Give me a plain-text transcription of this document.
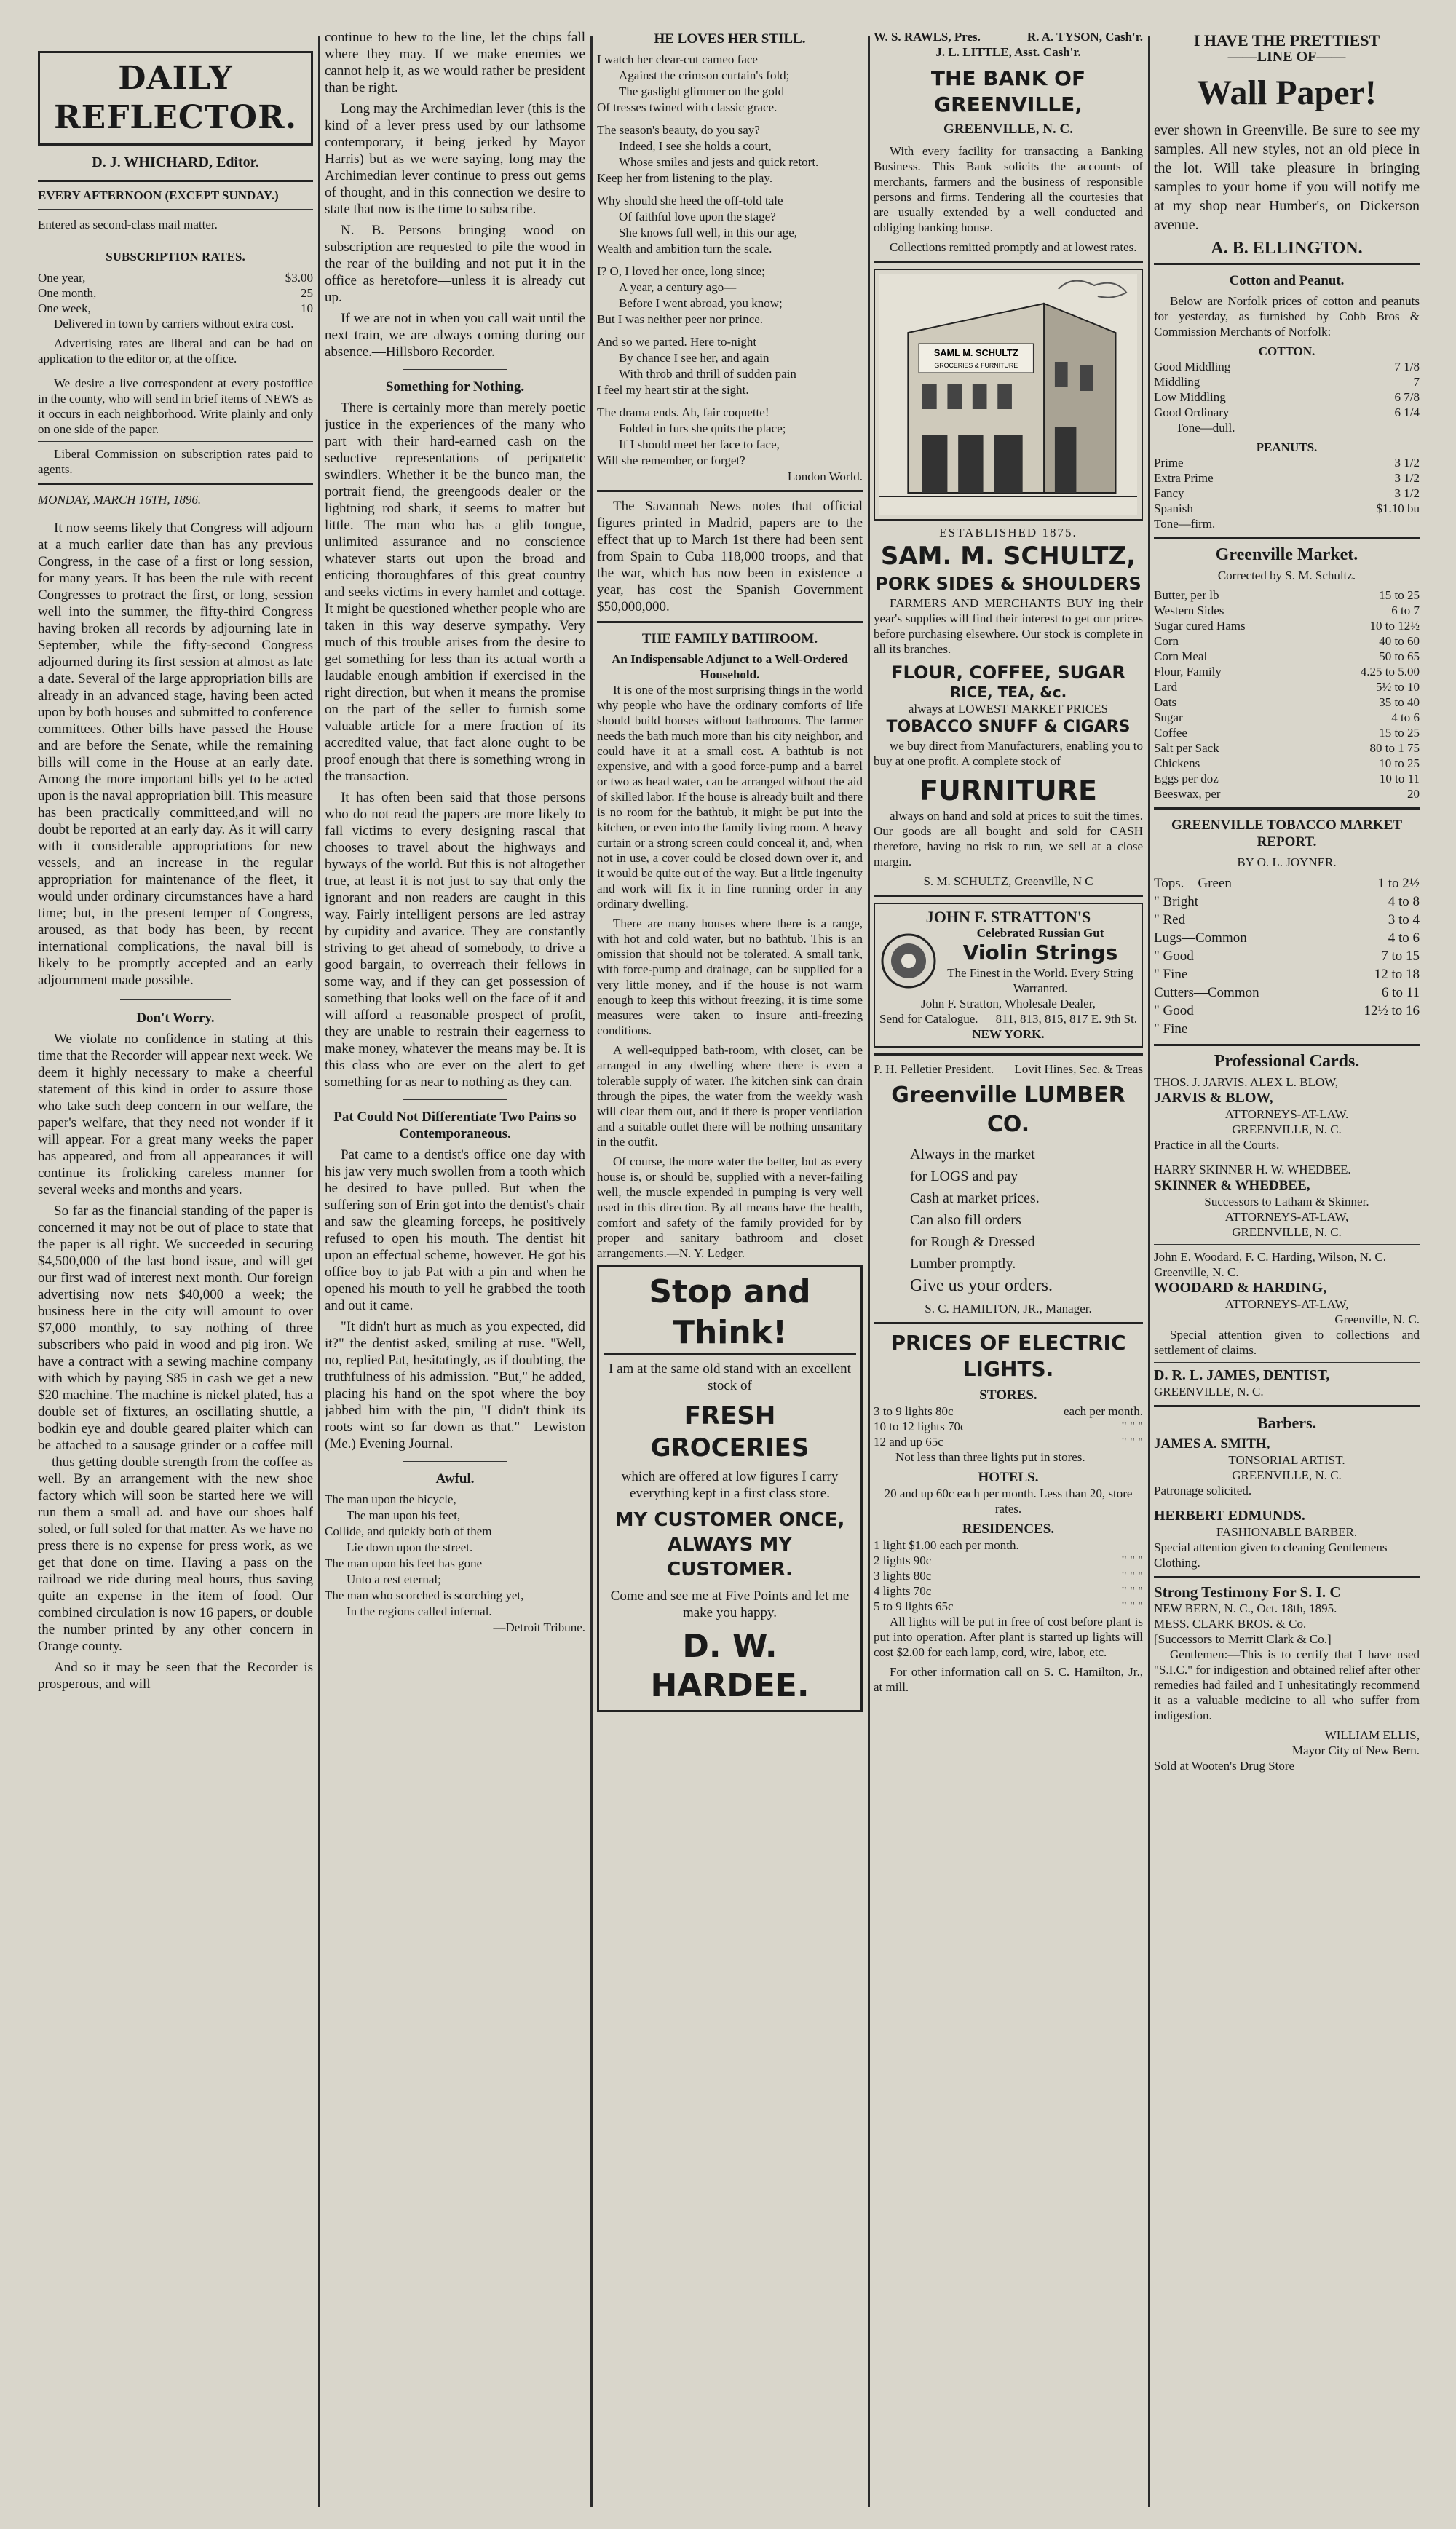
DAILY REFLECTOR.
D. J. WHICHARD, Editor.
EVERY AFTERNOON (EXCEPT SUNDAY.)
Entered as second-class mail matter.
SUBSCRIPTION RATES.
One year,	$3.00
One month,	25
One week,	10

Delivered in town by carriers without extra cost.

Advertising rates are liberal and can be had on application to the editor or, at the office.

We desire a live correspondent at every postoffice in the county, who will send in brief items of NEWS as it occurs in each neighborhood. Write plainly and only on one side of the paper.

Liberal Commission on subscription rates paid to agents.

MONDAY, MARCH 16TH, 1896.

It now seems likely that Congress will adjourn at a much earlier date than has any previous Congress, in the case of a first or long session, for many years. It has been the rule with recent Congresses to protract the first, or long, session well into the summer, the fifty-third Congress having broken all records by adjourning late in September, while the fifty-second Congress adjourned during its first session at almost as late a date. Several of the large appropriation bills are already in an advanced stage, having been acted upon by both houses and submitted to conference committees. Other bills have passed the House and are before the Senate, while the remaining bills will come in the House at an early date. Among the more important bills yet to be acted upon is the naval appropriation bill. This measure has been practically committeed,and will no doubt be reported at an early day. As it will carry with it considerable appropriations for new vessels, and an increase in the regular appropriation for maintenance of the fleet, it would under ordinary circumstances have a hard time; but, in the present temper of Congress, aroused, as that body has been, by recent international complications, the naval bill is likely to be promptly accepted and an early adjournment made possible.

Don't Worry.

We violate no confidence in stating at this time that the Recorder will appear next week. We deem it highly necessary to make a cheerful statement of this kind in order to assure those who take such deep concern in our welfare, the paper's welfare, that they need not wonder if it will appear. For a great many weeks the paper has appeared, and from all appearances it will continue its frolicking careless manner for several weeks and months and years.

So far as the financial standing of the paper is concerned it may not be out of place to state that the paper is all right. We succeeded in securing $4,500,000 of the last bond issue, and will get our first wad of interest next month. Our foreign advertising now nets $40,000 a week; the business here in the city will amount to over $7,000 monthly, to say nothing of three subscribers who paid in wood and pig iron. We have a contract with a sewing machine company with which by paying $85 in cash we get a new $20 machine. The machine is nickel plated, has a double set of fixtures, an oscillating shuttle, a bodkin eye and double geared plaiter which can be attached to a sausage grinder or a coffee mill—thus getting double strength from the coffee as well. By an arrangement with the new shoe factory which will soon be started here we will run them a small ad. and have our shoes half soled, or full soled for that matter. As we have no press there is no expense for press work, as we get that done on time. Having a pass on the railroad we ride during meal hours, thus saving quite an expense in the item of food. Our combined circulation is now 16 papers, or double the number printed by any other concern in Orange county.

And so it may be seen that the Recorder is prosperous, and will

continue to hew to the line, let the chips fall where they may. If we make enemies we cannot help it, as we would rather be president than be right.

Long may the Archimedian lever (this is the kind of a lever press used by our lathsome contemporary, it being jerked by Mayor Harris) but as we were saying, long may the Archimedian lever continue to press out gems of thought, and in this connection we desire to state that now is the time to subscribe.

N. B.—Persons bringing wood on subscription are requested to pile the wood in the rear of the building and not put it in the office as heretofore—unless it is already cut up.

If we are not in when you call wait until the next train, we are always coming during our absence.—Hillsboro Recorder.

Something for Nothing.

There is certainly more than merely poetic justice in the experiences of the many who part with their hard-earned cash on the seductive representations of peripatetic swindlers. Whether it be the bunco man, the portrait fiend, the greengoods dealer or the lightning rod shark, it seems to matter but little. The man who has a glib tongue, unlimited assurance and no conscience whatever starts out upon the broad and enticing thoroughfares of this great country and seeks victims in every hamlet and cottage. It might be questioned whether people who are taken in this way deserve sympathy. Very much of this trouble arises from the desire to get something for less than its actual worth a laudable enough ambition if exercised in the right direction, but when it means the promise on the part of the seller to furnish some valuable article for a mere fraction of its accredited value, that fact alone ought to be proof enough that there is something wrong in the transaction.

It has often been said that those persons who do not read the papers are more likely to fall victims to every designing rascal that chooses to travel about the highways and byways of the world. But this is not altogether true, at least it is not just to say that only the ignorant and non readers are caught in this way. Fairly intelligent persons are led astray by cupidity and avarice. They are constantly striving to get ahead of somebody, to drive a good bargain, to overreach their fellows in some way, and if they can get possession of something that looks well on the face of it and will afford a reasonable prospect of profit, they are unable to restrain their eagerness to make money, whatever the means may be. It is this class who are ever on the alert to get something for as near to nothing as they can.

Pat Could Not Differentiate Two Pains so Contemporaneous.

Pat came to a dentist's office one day with his jaw very much swollen from a tooth which he desired to have pulled. But when the suffering son of Erin got into the dentist's chair and saw the gleaming forceps, he positively refused to open his mouth. The dentist hit upon an effectual scheme, however. He got his office boy to jab Pat with a pin and when he opened his mouth to yell he grabbed the tooth and out it came.

"It didn't hurt as much as you expected, did it?" the dentist asked, smiling at ruse. "Well, no, replied Pat, hesitatingly, as if doubting, the truthfulness of his admission. "But," he added, placing his hand on the spot where the boy jabbed him with the pin, "I didn't think its roots wint so far down as that."—Lewiston (Me.) Evening Journal.

Awful.
The man upon the bicycle,
The man upon his feet,
Collide, and quickly both of them
Lie down upon the street.
The man upon his feet has gone
Unto a rest eternal;
The man who scorched is scorching yet,
In the regions called infernal.
—Detroit Tribune.
HE LOVES HER STILL.
I watch her clear-cut cameo face
Against the crimson curtain's fold;
The gaslight glimmer on the gold
Of tresses twined with classic grace.
The season's beauty, do you say?
Indeed, I see she holds a court,
Whose smiles and jests and quick retort.
Keep her from listening to the play.
Why should she heed the off-told tale
Of faithful love upon the stage?
She knows full well, in this our age,
Wealth and ambition turn the scale.
I? O, I loved her once, long since;
A year, a century ago—
Before I went abroad, you know;
But I was neither peer nor prince.
And so we parted. Here to-night
By chance I see her, and again
With throb and thrill of sudden pain
I feel my heart stir at the sight.
The drama ends. Ah, fair coquette!
Folded in furs she quits the place;
If I should meet her face to face,
Will she remember, or forget?
London World.

The Savannah News notes that official figures printed in Madrid, papers are to the effect that up to March 1st there had been sent from Spain to Cuba 118,000 troops, and that the war, which has now been in existence a year, has cost the Spanish Government $50,000,000.

THE FAMILY BATHROOM.
An Indispensable Adjunct to a Well-Ordered Household.

It is one of the most surprising things in the world why people who have the ordinary comforts of life should build houses without bathrooms. The farmer needs the bath much more than his city neighbor, and could have it at a small cost. A bathtub is not expensive, and with a good force-pump and a barrel or two as head water, can be arranged without the aid of skilled labor. If the house is already built and there is no room for the bathtub, it might be put into the kitchen, or even into the family living room. A heavy curtain or a strong screen could conceal it, and, when not in use, a cover could be closed down over it, and it would be quite out of the way. But a little ingenuity and work will fix it in fine running order in any ordinary dwelling.

There are many houses where there is a range, with hot and cold water, but no bathtub. This is an omission that should not be tolerated. A small tank, with force-pump and drainage, can be supplied for a very little money, and if the house is not warm enough to keep this without freezing, it is time some measures were taken to insure anti-freezing conditions.

A well-equipped bath-room, with closet, can be arranged in any dwelling where there is even a tolerable supply of water. The kitchen sink can drain through the pipes, the water from the weekly wash will clear them out, and if there is proper ventilation and a suitable outlet there will be nothing unsanitary in the outfit.

Of course, the more water the better, but as every house is, or should be, supplied with a never-failing well, the muscle expended in pumping is very well used in this direction. By all means have the health, comfort and safety of the family provided for by proper and sanitary bathroom and closet arrangements.—N. Y. Ledger.

Stop and Think!
I am at the same old stand with an excellent stock of
FRESH GROCERIES
which are offered at low figures I carry everything kept in a first class store.
MY CUSTOMER ONCE, ALWAYS MY CUSTOMER.
Come and see me at Five Points and let me make you happy.
D. W. HARDEE.
W. S. RAWLS, Pres.	R. A. TYSON, Cash'r.
J. L. LITTLE, Asst. Cash'r.
THE BANK OF GREENVILLE,
GREENVILLE, N. C.

With every facility for transacting a Banking Business. This Bank solicits the accounts of merchants, farmers and the business of responsible persons and firms. Tendering all the courtesies that are usually extended by a well conducted and obliging banking house.

Collections remitted promptly and at lowest rates.

SAML M. SCHULTZ
GROCERIES & FURNITURE
ESTABLISHED 1875.
SAM. M. SCHULTZ,
PORK SIDES & SHOULDERS

FARMERS AND MERCHANTS BUY ing their year's supplies will find their interest to get our prices before purchasing elsewhere. Our stock is complete in all its branches.

FLOUR, COFFEE, SUGAR
RICE, TEA, &c.
always at LOWEST MARKET PRICES
TOBACCO SNUFF & CIGARS

we buy direct from Manufacturers, enabling you to buy at one profit. A complete stock of

FURNITURE

always on hand and sold at prices to suit the times. Our goods are all bought and sold for CASH therefore, having no risk to run, we sell at a close margin.

S. M. SCHULTZ, Greenville, N C
JOHN F. STRATTON'S
Celebrated Russian Gut
Violin Strings
The Finest in the World. Every String Warranted.
John F. Stratton, Wholesale Dealer,
Send for Catalogue. 811, 813, 815, 817 E. 9th St.
NEW YORK.
P. H. Pelletier President. Lovit Hines, Sec. & Treas
Greenville LUMBER CO.
Always in the market
for LOGS and pay
Cash at market prices.
Can also fill orders
for Rough & Dressed
Lumber promptly.
Give us your orders.
S. C. HAMILTON, JR., Manager.
PRICES OF ELECTRIC LIGHTS.
STORES.
3 to 9 lights 80c	each per month.
10 to 12 lights 70c	" " "
12 and up 65c	" " "
Not less than three lights put in stores.
HOTELS.
20 and up 60c each per month. Less than 20, store rates.
RESIDENCES.
1 light $1.00 each per month.
2 lights 90c	" " "
3 lights 80c	" " "
4 lights 70c	" " "
5 to 9 lights 65c	" " "

All lights will be put in free of cost before plant is put into operation. After plant is started up lights will cost $2.00 for each lamp, cord, wire, labor, etc.

For other information call on S. C. Hamilton, Jr., at mill.

I HAVE THE PRETTIEST
——LINE OF——
Wall Paper!

ever shown in Greenville. Be sure to see my samples. All new styles, not an old piece in the lot. Will take pleasure in bringing samples to your home if you will notify me at my shop near Humber's, on Dickerson avenue.

A. B. ELLINGTON.
Cotton and Peanut.

Below are Norfolk prices of cotton and peanuts for yesterday, as furnished by Cobb Bros & Commission Merchants of Norfolk:

COTTON.
Good Middling	7 1/8
Middling	7
Low Middling	6 7/8
Good Ordinary	6 1/4
Tone—dull.
PEANUTS.
Prime	3 1/2
Extra Prime	3 1/2
Fancy	3 1/2
Spanish	$1.10 bu
Tone—firm.
Greenville Market.
Corrected by S. M. Schultz.
Butter, per lb	15 to 25
Western Sides	6 to 7
Sugar cured Hams	10 to 12½
Corn	40 to 60
Corn Meal	50 to 65
Flour, Family	4.25 to 5.00
Lard	5½ to 10
Oats	35 to 40
Sugar	4 to 6
Coffee	15 to 25
Salt per Sack	80 to 1 75
Chickens	10 to 25
Eggs per doz	10 to 11
Beeswax, per	20
GREENVILLE TOBACCO MARKET REPORT.
BY O. L. JOYNER.
Tops.—Green	1 to 2½
" Bright	4 to 8
" Red	3 to 4
Lugs—Common	4 to 6
" Good	7 to 15
" Fine	12 to 18
Cutters—Common	6 to 11
" Good	12½ to 16
" Fine
Professional Cards.
THOS. J. JARVIS. ALEX L. BLOW,
JARVIS & BLOW,
ATTORNEYS-AT-LAW.
GREENVILLE, N. C.
Practice in all the Courts.
HARRY SKINNER H. W. WHEDBEE.
SKINNER & WHEDBEE,
Successors to Latham & Skinner.
ATTORNEYS-AT-LAW,
GREENVILLE, N. C.
John E. Woodard, F. C. Harding, Wilson, N. C. Greenville, N. C.
WOODARD & HARDING,
ATTORNEYS-AT-LAW,
Greenville, N. C.

Special attention given to collections and settlement of claims.

D. R. L. JAMES, DENTIST,
GREENVILLE, N. C.
Barbers.
JAMES A. SMITH,
TONSORIAL ARTIST.
GREENVILLE, N. C.
Patronage solicited.
HERBERT EDMUNDS.
FASHIONABLE BARBER.
Special attention given to cleaning Gentlemens Clothing.
Strong Testimony For S. I. C
NEW BERN, N. C., Oct. 18th, 1895.
MESS. CLARK BROS. & Co.
[Successors to Merritt Clark & Co.]

Gentlemen:—This is to certify that I have used "S.I.C." for indigestion and obtained relief after other remedies had failed and I unhesitatingly recommend it as a valuable medicine to all who suffer from indigestion.

WILLIAM ELLIS,
Mayor City of New Bern.
Sold at Wooten's Drug Store
